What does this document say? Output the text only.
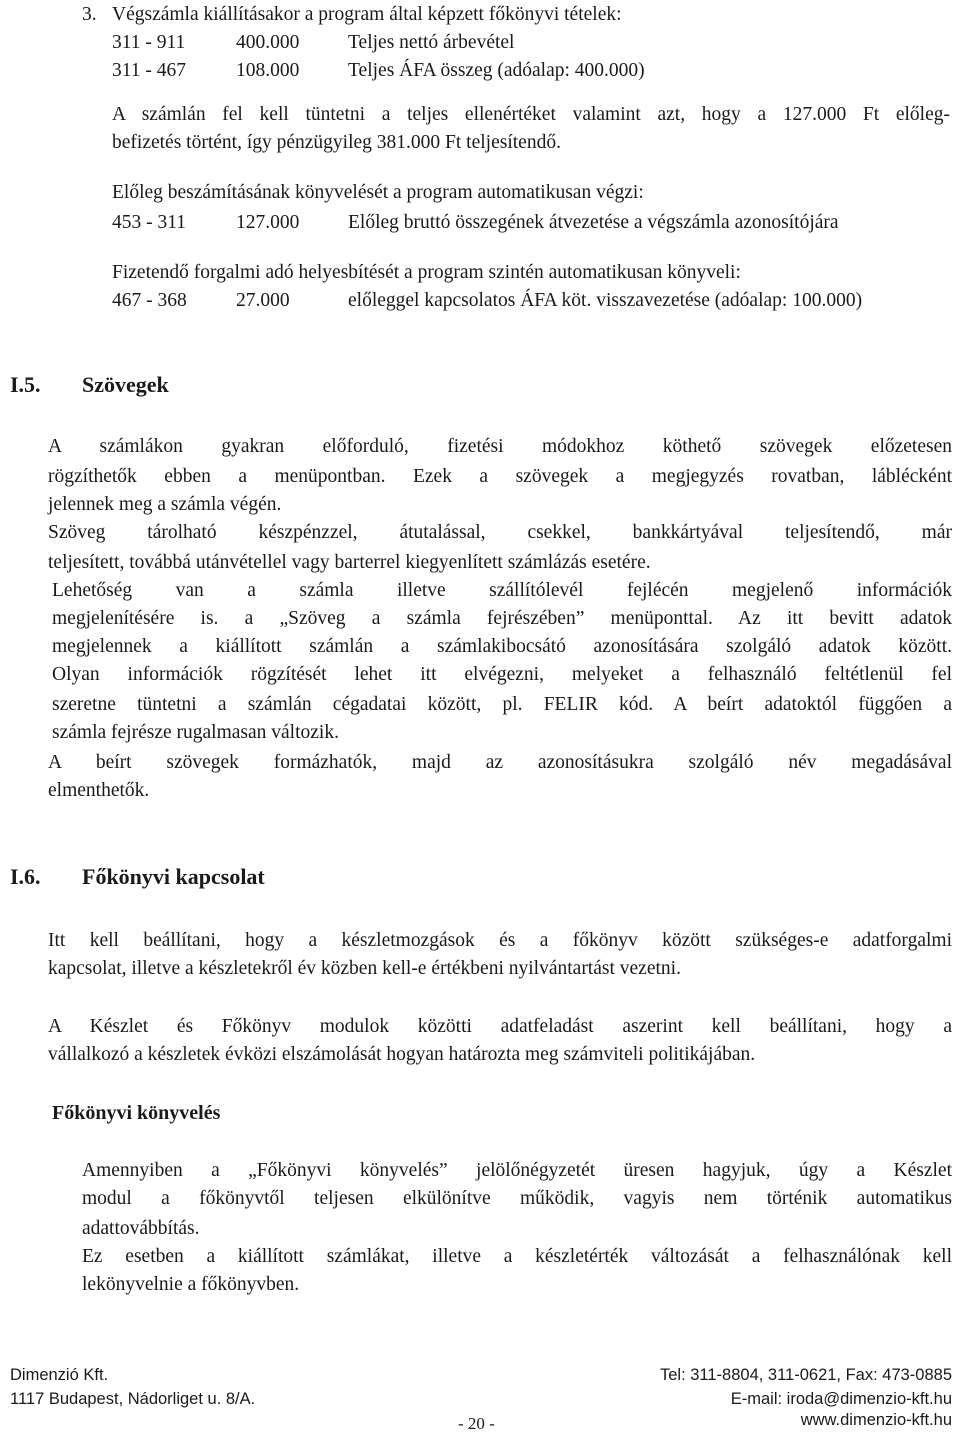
3. Végszámla kiállításakor a program által képzett főkönyvi tételek:
311 - 911	400.000 Teljes nettó árbevétel
311 - 467	108.000 Teljes ÁFA összeg (adóalap: 400.000)
A számlán fel kell tüntetni a teljes ellenértéket valamint azt, hogy a 127.000 Ft előleg-
befizetés történt, így pénzügyileg 381.000 Ft teljesítendő.
Előleg beszámításának könyvelését a program automatikusan végzi:
453 - 311	127.000 Előleg bruttó összegének átvezetése a végszámla azonosítójára
Fizetendő forgalmi adó helyesbítését a program szintén automatikusan könyveli:
467 - 368	27.000	előleggel kapcsolatos ÁFA köt. visszavezetése (adóalap: 100.000)
I.5. Szövegek
A számlákon gyakran előforduló, fizetési módokhoz köthető szövegek előzetesen
rögzíthetők ebben a menüpontban. Ezek a szövegek a megjegyzés rovatban, láblécként
jelennek meg a számla végén.
Szöveg tárolható készpénzzel, átutalással, csekkel, bankkártyával teljesítendő, már
teljesített, továbbá utánvétellel vagy barterrel kiegyenlített számlázás esetére.
Lehetőség van a számla illetve szállítólevél fejlécén megjelenő információk
megjelenítésére is. a „Szöveg a számla fejrészében” menüponttal. Az itt bevitt adatok
megjelennek a kiállított számlán a számlakibocsátó azonosítására szolgáló adatok között.
Olyan információk rögzítését lehet itt elvégezni, melyeket a felhasználó feltétlenül fel
szeretne tüntetni a számlán cégadatai között, pl. FELIR kód. A beírt adatoktól függően a
számla fejrésze rugalmasan változik.
A beírt szövegek formázhatók, majd az azonosításukra szolgáló név megadásával
elmenthetők.
I.6. Főkönyvi kapcsolat
Itt kell beállítani, hogy a készletmozgások és a főkönyv között szükséges-e adatforgalmi
kapcsolat, illetve a készletekről év közben kell-e értékbeni nyilvántartást vezetni.
A Készlet és Főkönyv modulok közötti adatfeladást aszerint kell beállítani, hogy a
vállalkozó a készletek évközi elszámolását hogyan határozta meg számviteli politikájában.
Főkönyvi könyvelés
Amennyiben a „Főkönyvi könyvelés” jelölőnégyzetét üresen hagyjuk, úgy a Készlet
modul a főkönyvtől teljesen elkülönítve működik, vagyis nem történik automatikus
adattovábbítás.
Ez esetben a kiállított számlákat, illetve a készletérték változását a felhasználónak kell
lekönyvelnie a főkönyvben.
Dimenzió Kft.
1117 Budapest, Nádorliget u. 8/A.
- 20 -
Tel: 311-8804, 311-0621, Fax: 473-0885
E-mail: iroda@dimenzio-kft.hu
www.dimenzio-kft.hu
